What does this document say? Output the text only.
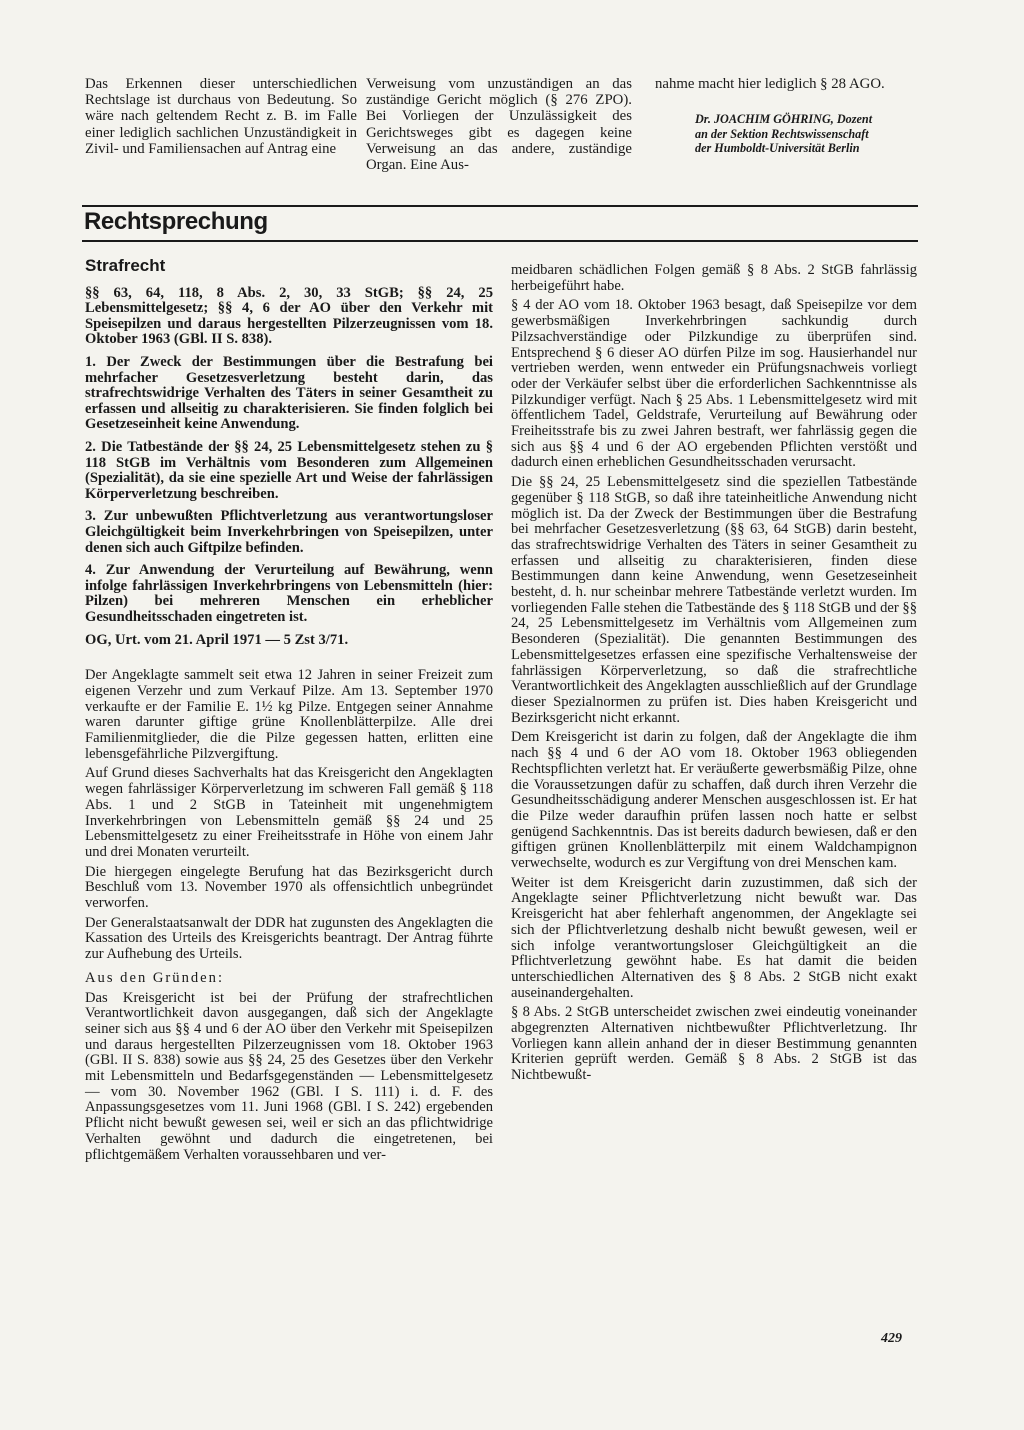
Das Erkennen dieser unterschiedlichen Rechtslage ist durchaus von Bedeutung. So wäre nach geltendem Recht z. B. im Falle einer lediglich sachlichen Unzuständigkeit in Zivil- und Familiensachen auf Antrag eine

Verweisung vom unzuständigen an das zuständige Gericht möglich (§ 276 ZPO). Bei Vorliegen der Unzulässigkeit des Gerichtsweges gibt es dagegen keine Verweisung an das andere, zuständige Organ. Eine Aus-

nahme macht hier lediglich § 28 AGO.

Dr. JOACHIM GÖHRING, Dozent
an der Sektion Rechtswissenschaft
der Humboldt-Universität Berlin
Rechtsprechung
Strafrecht

§§ 63, 64, 118, 8 Abs. 2, 30, 33 StGB; §§ 24, 25 Lebensmittelgesetz; §§ 4, 6 der AO über den Verkehr mit Speisepilzen und daraus hergestellten Pilzerzeugnissen vom 18. Oktober 1963 (GBl. II S. 838).

1. Der Zweck der Bestimmungen über die Bestrafung bei mehrfacher Gesetzesverletzung besteht darin, das strafrechtswidrige Verhalten des Täters in seiner Gesamtheit zu erfassen und allseitig zu charakterisieren. Sie finden folglich bei Gesetzeseinheit keine Anwendung.

2. Die Tatbestände der §§ 24, 25 Lebensmittelgesetz stehen zu § 118 StGB im Verhältnis vom Besonderen zum Allgemeinen (Spezialität), da sie eine spezielle Art und Weise der fahrlässigen Körperverletzung beschreiben.

3. Zur unbewußten Pflichtverletzung aus verantwortungsloser Gleichgültigkeit beim Inverkehrbringen von Speisepilzen, unter denen sich auch Giftpilze befinden.

4. Zur Anwendung der Verurteilung auf Bewährung, wenn infolge fahrlässigen Inverkehrbringens von Lebensmitteln (hier: Pilzen) bei mehreren Menschen ein erheblicher Gesundheitsschaden eingetreten ist.

OG, Urt. vom 21. April 1971 — 5 Zst 3/71.

Der Angeklagte sammelt seit etwa 12 Jahren in seiner Freizeit zum eigenen Verzehr und zum Verkauf Pilze. Am 13. September 1970 verkaufte er der Familie E. 1½ kg Pilze. Entgegen seiner Annahme waren darunter giftige grüne Knollenblätterpilze. Alle drei Familienmitglieder, die die Pilze gegessen hatten, erlitten eine lebensgefährliche Pilzvergiftung.

Auf Grund dieses Sachverhalts hat das Kreisgericht den Angeklagten wegen fahrlässiger Körperverletzung im schweren Fall gemäß § 118 Abs. 1 und 2 StGB in Tateinheit mit ungenehmigtem Inverkehrbringen von Lebensmitteln gemäß §§ 24 und 25 Lebensmittelgesetz zu einer Freiheitsstrafe in Höhe von einem Jahr und drei Monaten verurteilt.

Die hiergegen eingelegte Berufung hat das Bezirksgericht durch Beschluß vom 13. November 1970 als offensichtlich unbegründet verworfen.

Der Generalstaatsanwalt der DDR hat zugunsten des Angeklagten die Kassation des Urteils des Kreisgerichts beantragt. Der Antrag führte zur Aufhebung des Urteils.

Aus den Gründen:

Das Kreisgericht ist bei der Prüfung der strafrechtlichen Verantwortlichkeit davon ausgegangen, daß sich der Angeklagte seiner sich aus §§ 4 und 6 der AO über den Verkehr mit Speisepilzen und daraus hergestellten Pilzerzeugnissen vom 18. Oktober 1963 (GBl. II S. 838) sowie aus §§ 24, 25 des Gesetzes über den Verkehr mit Lebensmitteln und Bedarfsgegenständen — Lebensmittelgesetz — vom 30. November 1962 (GBl. I S. 111) i. d. F. des Anpassungsgesetzes vom 11. Juni 1968 (GBl. I S. 242) ergebenden Pflicht nicht bewußt gewesen sei, weil er sich an das pflichtwidrige Verhalten gewöhnt und dadurch die eingetretenen, bei pflichtgemäßem Verhalten voraussehbaren und ver-

meidbaren schädlichen Folgen gemäß § 8 Abs. 2 StGB fahrlässig herbeigeführt habe.

§ 4 der AO vom 18. Oktober 1963 besagt, daß Speisepilze vor dem gewerbsmäßigen Inverkehrbringen sachkundig durch Pilzsachverständige oder Pilzkundige zu überprüfen sind. Entsprechend § 6 dieser AO dürfen Pilze im sog. Hausierhandel nur vertrieben werden, wenn entweder ein Prüfungsnachweis vorliegt oder der Verkäufer selbst über die erforderlichen Sachkenntnisse als Pilzkundiger verfügt. Nach § 25 Abs. 1 Lebensmittelgesetz wird mit öffentlichem Tadel, Geldstrafe, Verurteilung auf Bewährung oder Freiheitsstrafe bis zu zwei Jahren bestraft, wer fahrlässig gegen die sich aus §§ 4 und 6 der AO ergebenden Pflichten verstößt und dadurch einen erheblichen Gesundheitsschaden verursacht.

Die §§ 24, 25 Lebensmittelgesetz sind die speziellen Tatbestände gegenüber § 118 StGB, so daß ihre tateinheitliche Anwendung nicht möglich ist. Da der Zweck der Bestimmungen über die Bestrafung bei mehrfacher Gesetzesverletzung (§§ 63, 64 StGB) darin besteht, das strafrechtswidrige Verhalten des Täters in seiner Gesamtheit zu erfassen und allseitig zu charakterisieren, finden diese Bestimmungen dann keine Anwendung, wenn Gesetzeseinheit besteht, d. h. nur scheinbar mehrere Tatbestände verletzt wurden. Im vorliegenden Falle stehen die Tatbestände des § 118 StGB und der §§ 24, 25 Lebensmittelgesetz im Verhältnis vom Allgemeinen zum Besonderen (Spezialität). Die genannten Bestimmungen des Lebensmittelgesetzes erfassen eine spezifische Verhaltensweise der fahrlässigen Körperverletzung, so daß die strafrechtliche Verantwortlichkeit des Angeklagten ausschließlich auf der Grundlage dieser Spezialnormen zu prüfen ist. Dies haben Kreisgericht und Bezirksgericht nicht erkannt.

Dem Kreisgericht ist darin zu folgen, daß der Angeklagte die ihm nach §§ 4 und 6 der AO vom 18. Oktober 1963 obliegenden Rechtspflichten verletzt hat. Er veräußerte gewerbsmäßig Pilze, ohne die Voraussetzungen dafür zu schaffen, daß durch ihren Verzehr die Gesundheitsschädigung anderer Menschen ausgeschlossen ist. Er hat die Pilze weder daraufhin prüfen lassen noch hatte er selbst genügend Sachkenntnis. Das ist bereits dadurch bewiesen, daß er den giftigen grünen Knollenblätterpilz mit einem Waldchampignon verwechselte, wodurch es zur Vergiftung von drei Menschen kam.

Weiter ist dem Kreisgericht darin zuzustimmen, daß sich der Angeklagte seiner Pflichtverletzung nicht bewußt war. Das Kreisgericht hat aber fehlerhaft angenommen, der Angeklagte sei sich der Pflichtverletzung deshalb nicht bewußt gewesen, weil er sich infolge verantwortungsloser Gleichgültigkeit an die Pflichtverletzung gewöhnt habe. Es hat damit die beiden unterschiedlichen Alternativen des § 8 Abs. 2 StGB nicht exakt auseinandergehalten.

§ 8 Abs. 2 StGB unterscheidet zwischen zwei eindeutig voneinander abgegrenzten Alternativen nichtbewußter Pflichtverletzung. Ihr Vorliegen kann allein anhand der in dieser Bestimmung genannten Kriterien geprüft werden. Gemäß § 8 Abs. 2 StGB ist das Nichtbewußt-

429
